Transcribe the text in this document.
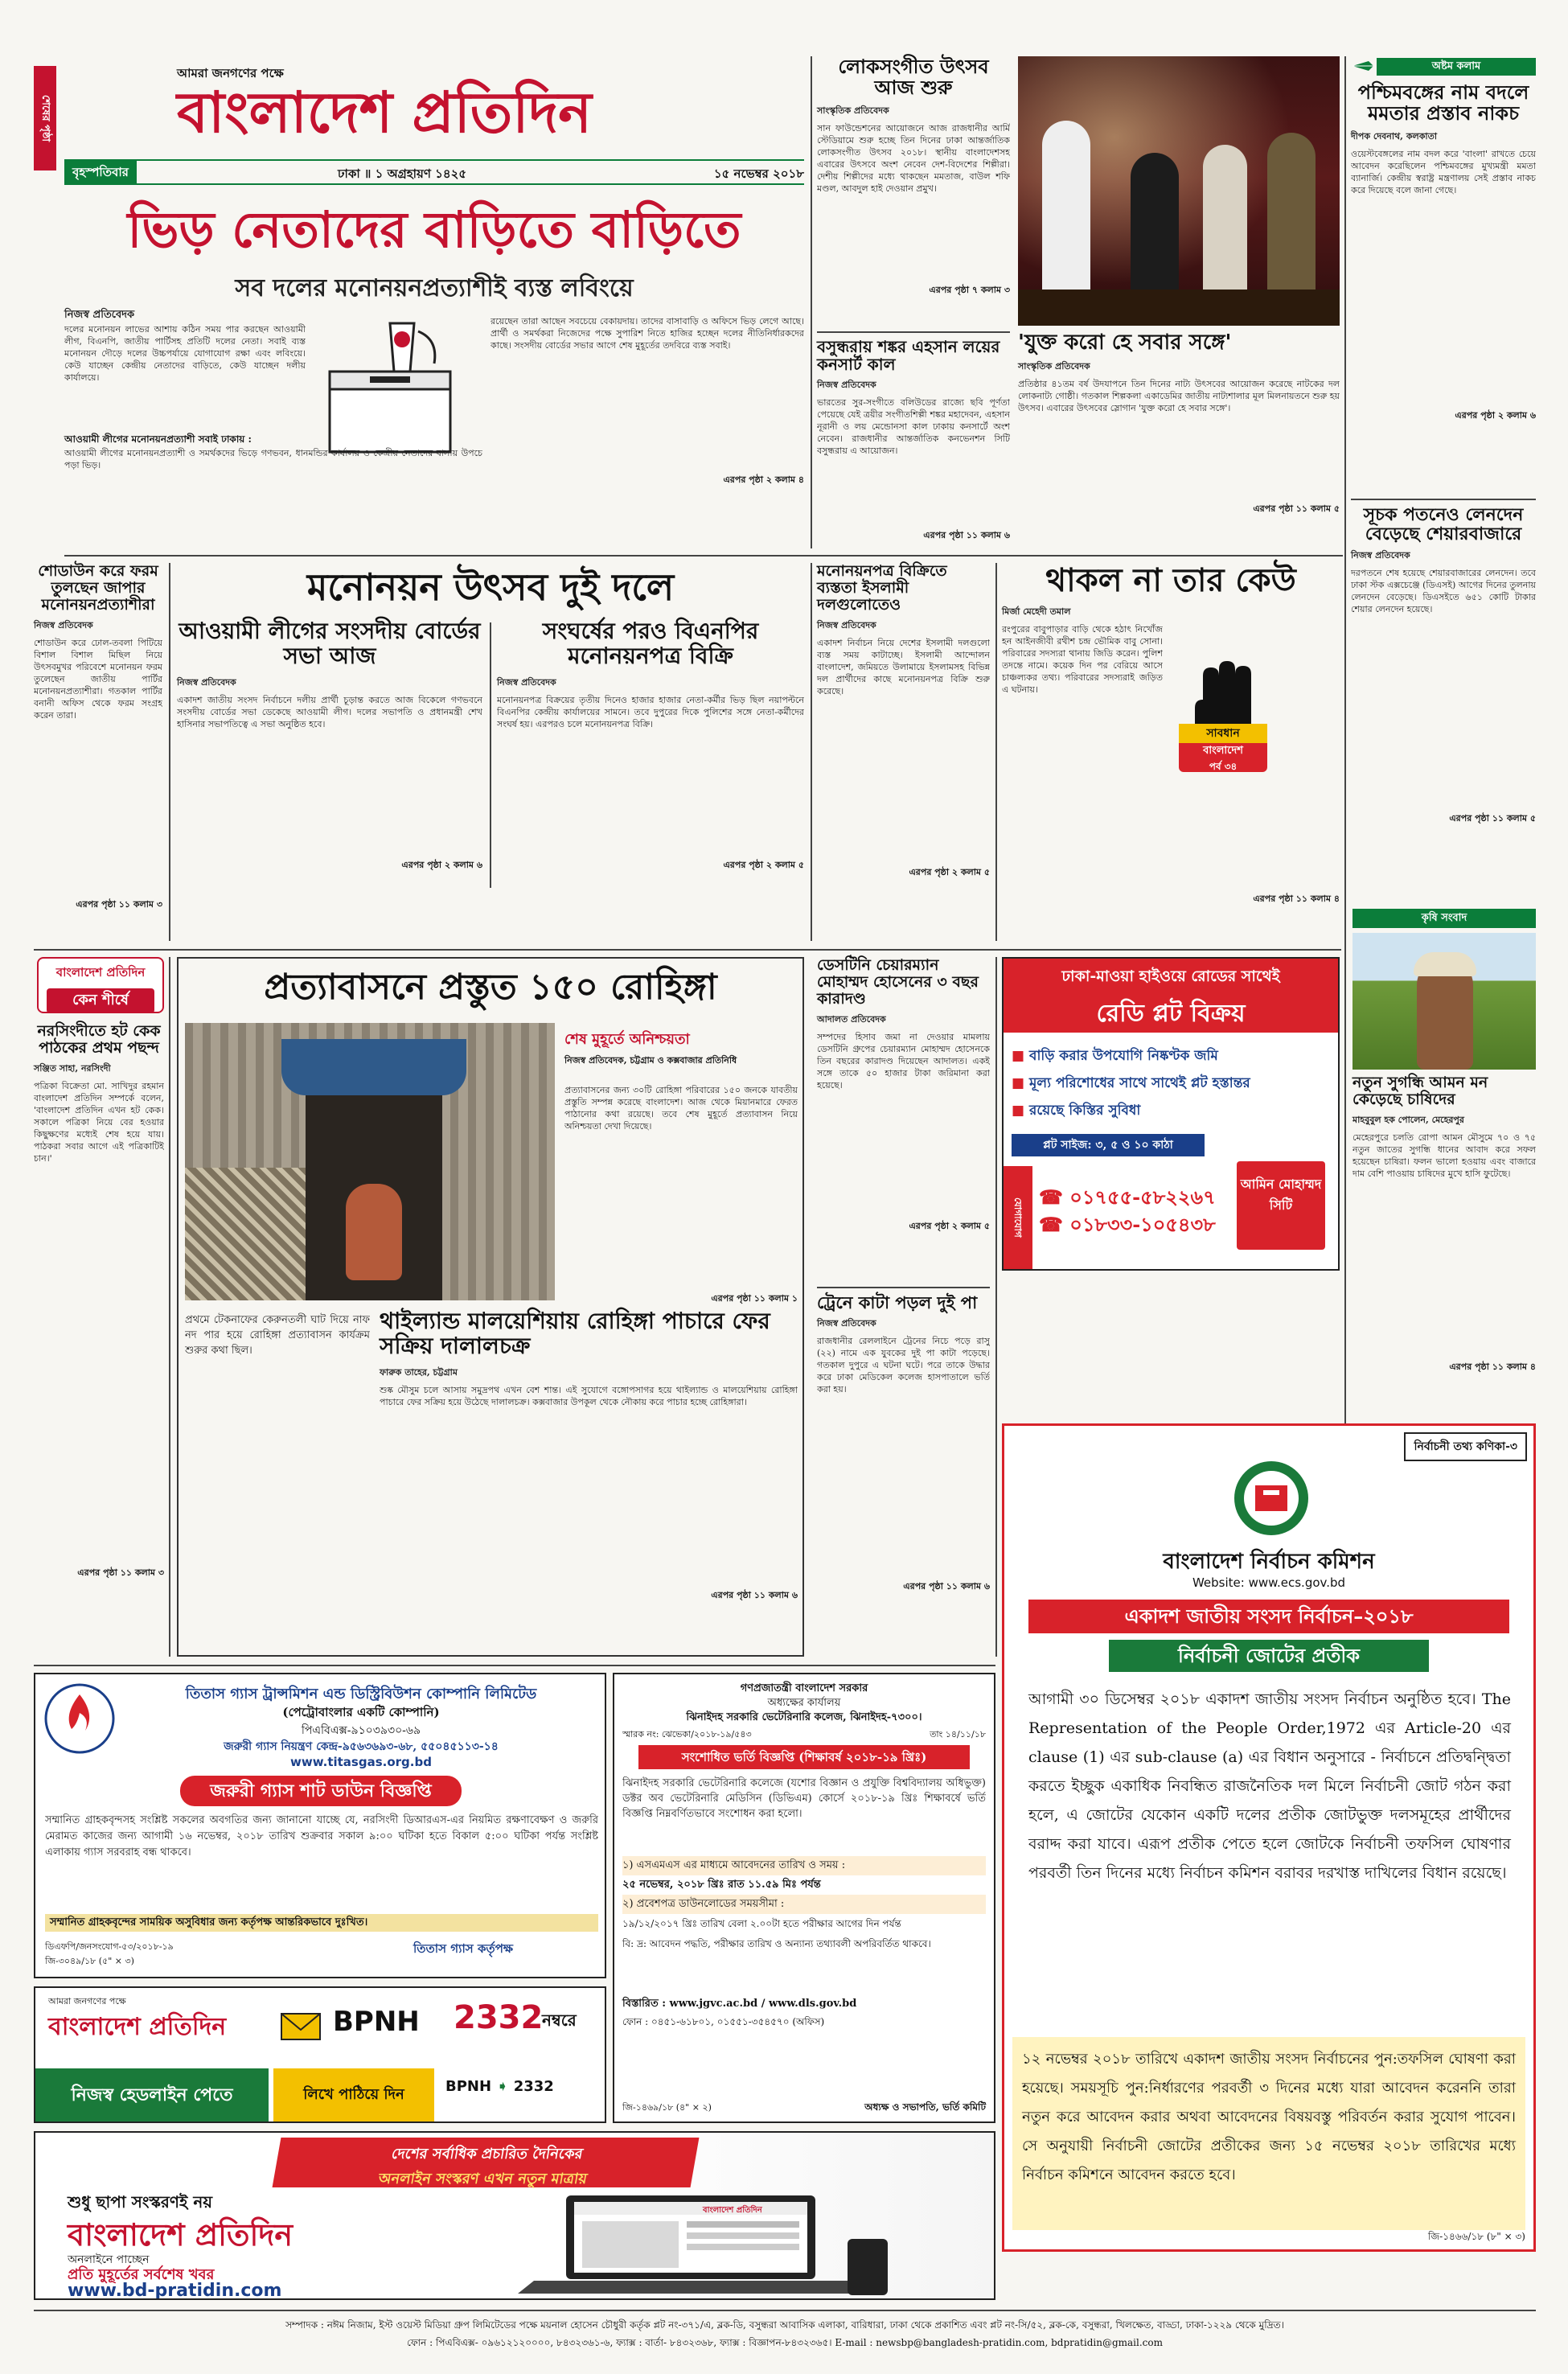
শেষের পৃষ্ঠা
আমরা জনগণের পক্ষে
বাংলাদেশ প্রতিদিন
বৃহস্পতিবার	ঢাকা ॥ ১ অগ্রহায়ণ ১৪২৫	১৫ নভেম্বর ২০১৮
ভিড় নেতাদের বাড়িতে বাড়িতে
সব দলের মনোনয়নপ্রত্যাশীই ব্যস্ত লবিংয়ে
নিজস্ব প্রতিবেদক
দলের মনোনয়ন লাভের আশায় কঠিন সময় পার করছেন আওয়ামী লীগ, বিএনপি, জাতীয় পার্টিসহ প্রতিটি দলের নেতা। সবাই ব্যস্ত মনোনয়ন দৌড়ে দলের উচ্চপর্যায়ে যোগাযোগ রক্ষা এবং লবিংয়ে। কেউ যাচ্ছেন কেন্দ্রীয় নেতাদের বাড়িতে, কেউ যাচ্ছেন দলীয় কার্যালয়ে।
রয়েছেন তারা আছেন সবচেয়ে বেকায়দায়। তাদের বাসাবাড়ি ও অফিসে ভিড় লেগে আছে। প্রার্থী ও সমর্থকরা নিজেদের পক্ষে সুপারিশ নিতে হাজির হচ্ছেন দলের নীতিনির্ধারকদের কাছে। সংসদীয় বোর্ডের সভার আগে শেষ মুহূর্তের তদবিরে ব্যস্ত সবাই।
আওয়ামী লীগের মনোনয়নপ্রত্যাশী সবাই ঢাকায় :
আওয়ামী লীগের মনোনয়নপ্রত্যাশী ও সমর্থকদের ভিড়ে গণভবন, ধানমন্ডির কার্যালয় ও কেন্দ্রীয় নেতাদের বাসায় উপচে পড়া ভিড়।
এরপর পৃষ্ঠা ২ কলাম ৪
লোকসংগীত উৎসব আজ শুরু
সাংস্কৃতিক প্রতিবেদক
সান ফাউন্ডেশনের আয়োজনে আজ রাজধানীর আর্মি স্টেডিয়ামে শুরু হচ্ছে তিন দিনের ঢাকা আন্তর্জাতিক লোকসংগীত উৎসব ২০১৮। স্থানীয় বাংলাদেশসহ এবারের উৎসবে অংশ নেবেন দেশ-বিদেশের শিল্পীরা। দেশীয় শিল্পীদের মধ্যে থাকছেন মমতাজ, বাউল শফি মণ্ডল, আবদুল হাই দেওয়ান প্রমুখ।
এরপর পৃষ্ঠা ৭ কলাম ৩
বসুন্ধরায় শঙ্কর এহসান লয়ের কনসার্ট কাল
নিজস্ব প্রতিবেদক
ভারতের সুর-সংগীতে বলিউডের রাজ্যে ছবি পূর্ণতা পেয়েছে যেই ত্রয়ীর সংগীতশিল্পী শঙ্কর মহাদেবন, এহসান নূরানী ও লয় মেন্ডোনসা কাল ঢাকায় কনসার্টে অংশ নেবেন। রাজধানীর আন্তর্জাতিক কনভেনশন সিটি বসুন্ধরায় এ আয়োজন।
এরপর পৃষ্ঠা ১১ কলাম ৬
'যুক্ত করো হে সবার সঙ্গে'
সাংস্কৃতিক প্রতিবেদক
প্রতিষ্ঠার ৪১তম বর্ষ উদযাপনে তিন দিনের নাট্য উৎসবের আয়োজন করেছে নাটকের দল লোকনাট্য গোষ্ঠী। গতকাল শিল্পকলা একাডেমির জাতীয় নাট্যশালার মূল মিলনায়তনে শুরু হয় উৎসব। এবারের উৎসবের স্লোগান 'যুক্ত করো হে সবার সঙ্গে'।
এরপর পৃষ্ঠা ১১ কলাম ৫
অষ্টম কলাম
পশ্চিমবঙ্গের নাম বদলে মমতার প্রস্তাব নাকচ
দীপক দেবনাথ, কলকাতা
ওয়েস্টবেঙ্গলের নাম বদল করে 'বাংলা' রাখতে চেয়ে আবেদন করেছিলেন পশ্চিমবঙ্গের মুখ্যমন্ত্রী মমতা ব্যানার্জি। কেন্দ্রীয় স্বরাষ্ট্র মন্ত্রণালয় সেই প্রস্তাব নাকচ করে দিয়েছে বলে জানা গেছে।
এরপর পৃষ্ঠা ২ কলাম ৬
সূচক পতনেও লেনদেন বেড়েছে শেয়ারবাজারে
নিজস্ব প্রতিবেদক
দরপতনে শেষ হয়েছে শেয়ারবাজারের লেনদেন। তবে ঢাকা স্টক এক্সচেঞ্জে (ডিএসই) আগের দিনের তুলনায় লেনদেন বেড়েছে। ডিএসইতে ৬৫১ কোটি টাকার শেয়ার লেনদেন হয়েছে।
এরপর পৃষ্ঠা ১১ কলাম ৫
শোডাউন করে ফরম তুলছেন জাপার মনোনয়নপ্রত্যাশীরা
নিজস্ব প্রতিবেদক
শোডাউন করে ঢোল-তবলা পিটিয়ে বিশাল বিশাল মিছিল নিয়ে উৎসবমুখর পরিবেশে মনোনয়ন ফরম তুলেছেন জাতীয় পার্টির মনোনয়নপ্রত্যাশীরা। গতকাল পার্টির বনানী অফিস থেকে ফরম সংগ্রহ করেন তারা।
এরপর পৃষ্ঠা ১১ কলাম ৩
মনোনয়ন উৎসব দুই দলে
আওয়ামী লীগের সংসদীয় বোর্ডের সভা আজ
নিজস্ব প্রতিবেদক
একাদশ জাতীয় সংসদ নির্বাচনে দলীয় প্রার্থী চূড়ান্ত করতে আজ বিকেলে গণভবনে সংসদীয় বোর্ডের সভা ডেকেছে আওয়ামী লীগ। দলের সভাপতি ও প্রধানমন্ত্রী শেখ হাসিনার সভাপতিত্বে এ সভা অনুষ্ঠিত হবে।
এরপর পৃষ্ঠা ২ কলাম ৬
সংঘর্ষের পরও বিএনপির মনোনয়নপত্র বিক্রি
নিজস্ব প্রতিবেদক
মনোনয়নপত্র বিক্রয়ের তৃতীয় দিনেও হাজার হাজার নেতা-কর্মীর ভিড় ছিল নয়াপল্টনে বিএনপির কেন্দ্রীয় কার্যালয়ের সামনে। তবে দুপুরের দিকে পুলিশের সঙ্গে নেতা-কর্মীদের সংঘর্ষ হয়। এরপরও চলে মনোনয়নপত্র বিক্রি।
এরপর পৃষ্ঠা ২ কলাম ৫
মনোনয়নপত্র বিক্রিতে ব্যস্ততা ইসলামী দলগুলোতেও
নিজস্ব প্রতিবেদক
একাদশ নির্বাচন নিয়ে দেশের ইসলামী দলগুলো ব্যস্ত সময় কাটাচ্ছে। ইসলামী আন্দোলন বাংলাদেশ, জমিয়তে উলামায়ে ইসলামসহ বিভিন্ন দল প্রার্থীদের কাছে মনোনয়নপত্র বিক্রি শুরু করেছে।
এরপর পৃষ্ঠা ২ কলাম ৫
থাকল না তার কেউ
মির্জা মেহেদী তমাল
রংপুরের বাবুপাড়ার বাড়ি থেকে হঠাৎ নিখোঁজ হন আইনজীবী রথীশ চন্দ্র ভৌমিক বাবু সোনা। পরিবারের সদস্যরা থানায় জিডি করেন। পুলিশ তদন্তে নামে। কয়েক দিন পর বেরিয়ে আসে চাঞ্চল্যকর তথ্য। পরিবারের সদস্যরাই জড়িত এ ঘটনায়।
এরপর পৃষ্ঠা ১১ কলাম ৪
সাবধান
বাংলাদেশ
পর্ব ৩৪
বাংলাদেশ প্রতিদিন
কেন শীর্ষে
নরসিংদীতে হট কেক পাঠকের প্রথম পছন্দ
সঞ্জিত সাহা, নরসিংদী
পত্রিকা বিক্রেতা মো. সাখিদুর রহমান বাংলাদেশ প্রতিদিন সম্পর্কে বলেন, 'বাংলাদেশ প্রতিদিন এখন হট কেক। সকালে পত্রিকা নিয়ে বের হওয়ার কিছুক্ষণের মধ্যেই শেষ হয়ে যায়। পাঠকরা সবার আগে এই পত্রিকাটিই চান।'
এরপর পৃষ্ঠা ১১ কলাম ৩
প্রত্যাবাসনে প্রস্তুত ১৫০ রোহিঙ্গা
শেষ মুহূর্তে অনিশ্চয়তা
নিজস্ব প্রতিবেদক, চট্টগ্রাম ও কক্সবাজার প্রতিনিধি
প্রত্যাবাসনের জন্য ৩০টি রোহিঙ্গা পরিবারের ১৫০ জনকে যাবতীয় প্রস্তুতি সম্পন্ন করেছে বাংলাদেশ। আজ থেকে মিয়ানমারে ফেরত পাঠানোর কথা রয়েছে। তবে শেষ মুহূর্তে প্রত্যাবাসন নিয়ে অনিশ্চয়তা দেখা দিয়েছে।
এরপর পৃষ্ঠা ১১ কলাম ১
প্রথমে টেকনাফের কেরুনতলী ঘাট দিয়ে নাফ নদ পার হয়ে রোহিঙ্গা প্রত্যাবাসন কার্যক্রম শুরুর কথা ছিল।
থাইল্যান্ড মালয়েশিয়ায় রোহিঙ্গা পাচারে ফের সক্রিয় দালালচক্র
ফারুক তাহের, চট্টগ্রাম
শুষ্ক মৌসুম চলে আসায় সমুদ্রপথ এখন বেশ শান্ত। এই সুযোগে বঙ্গোপসাগর হয়ে থাইল্যান্ড ও মালয়েশিয়ায় রোহিঙ্গা পাচারে ফের সক্রিয় হয়ে উঠেছে দালালচক্র। কক্সবাজার উপকূল থেকে নৌকায় করে পাচার হচ্ছে রোহিঙ্গারা।
এরপর পৃষ্ঠা ১১ কলাম ৬
ডেসটিনি চেয়ারম্যান মোহাম্মদ হোসেনের ৩ বছর কারাদণ্ড
আদালত প্রতিবেদক
সম্পদের হিসাব জমা না দেওয়ার মামলায় ডেসটিনি গ্রুপের চেয়ারম্যান মোহাম্মদ হোসেনকে তিন বছরের কারাদণ্ড দিয়েছেন আদালত। একই সঙ্গে তাকে ৫০ হাজার টাকা জরিমানা করা হয়েছে।
এরপর পৃষ্ঠা ২ কলাম ৫
ট্রেনে কাটা পড়ল দুই পা
নিজস্ব প্রতিবেদক
রাজধানীর রেললাইনে ট্রেনের নিচে পড়ে রাসু (২২) নামে এক যুবকের দুই পা কাটা পড়েছে। গতকাল দুপুরে এ ঘটনা ঘটে। পরে তাকে উদ্ধার করে ঢাকা মেডিকেল কলেজ হাসপাতালে ভর্তি করা হয়।
এরপর পৃষ্ঠা ১১ কলাম ৬
ঢাকা-মাওয়া হাইওয়ে রোডের সাথেই
রেডি প্লট বিক্রয়
■ বাড়ি করার উপযোগি নিষ্কণ্টক জমি
■ মূল্য পরিশোধের সাথে সাথেই প্লট হস্তান্তর
■ রয়েছে কিস্তির সুবিধা
প্লট সাইজ: ৩, ৫ ও ১০ কাঠা
যোগাযোগ
☎ ০১৭৫৫-৫৮২২৬৭
☎ ০১৮৩৩-১০৫৪৩৮
আমিন মোহাম্মদ সিটি
কৃষি সংবাদ
নতুন সুগন্ধি আমন মন কেড়েছে চাষিদের
মাহবুবুল হক পোলেন, মেহেরপুর
মেহেরপুরে চলতি রোপা আমন মৌসুমে ৭০ ও ৭৫ নতুন জাতের সুগন্ধি ধানের আবাদ করে সফল হয়েছেন চাষিরা। ফলন ভালো হওয়ায় এবং বাজারে দাম বেশি পাওয়ায় চাষিদের মুখে হাসি ফুটেছে।
এরপর পৃষ্ঠা ১১ কলাম ৪
নির্বাচনী তথ্য কণিকা-৩
বাংলাদেশ নির্বাচন কমিশন
Website: www.ecs.gov.bd
একাদশ জাতীয় সংসদ নির্বাচন–২০১৮
নির্বাচনী জোটের প্রতীক
আগামী ৩০ ডিসেম্বর ২০১৮ একাদশ জাতীয় সংসদ নির্বাচন অনুষ্ঠিত হবে। The Representation of the People Order,1972 এর Article-20 এর clause (1) এর sub-clause (a) এর বিধান অনুসারে - নির্বাচনে প্রতিদ্বন্দ্বিতা করতে ইচ্ছুক একাধিক নিবন্ধিত রাজনৈতিক দল মিলে নির্বাচনী জোট গঠন করা হলে, এ জোটের যেকোন একটি দলের প্রতীক জোটভুক্ত দলসমূহের প্রার্থীদের বরাদ্দ করা যাবে। এরূপ প্রতীক পেতে হলে জোটকে নির্বাচনী তফসিল ঘোষণার পরবর্তী তিন দিনের মধ্যে নির্বাচন কমিশন বরাবর দরখাস্ত দাখিলের বিধান রয়েছে।
১২ নভেম্বর ২০১৮ তারিখে একাদশ জাতীয় সংসদ নির্বাচনের পুন:তফসিল ঘোষণা করা হয়েছে। সময়সূচি পুন:নির্ধারণের পরবর্তী ৩ দিনের মধ্যে যারা আবেদন করেননি তারা নতুন করে আবেদন করার অথবা আবেদনের বিষয়বস্তু পরিবর্তন করার সুযোগ পাবেন। সে অনুযায়ী নির্বাচনী জোটের প্রতীকের জন্য ১৫ নভেম্বর ২০১৮ তারিখের মধ্যে নির্বাচন কমিশনে আবেদন করতে হবে।
জি-১৪৬৬/১৮ (৮" × ৩)
তিতাস গ্যাস ট্রান্সমিশন এন্ড ডিস্ট্রিবিউশন কোম্পানি লিমিটেড
(পেট্রোবাংলার একটি কোম্পানি)
পিএবিএক্স-৯১০৩৯৩০-৬৯
জরুরী গ্যাস নিয়ন্ত্রণ কেন্দ্র-৯৫৬৩৬৯৩-৬৮, ৫৫০৪৫১১৩-১৪
www.titasgas.org.bd
জরুরী গ্যাস শাট ডাউন বিজ্ঞপ্তি
সম্মানিত গ্রাহকবৃন্দসহ সংশ্লিষ্ট সকলের অবগতির জন্য জানানো যাচ্ছে যে, নরসিংদী ডিআরএস-এর নিয়মিত রক্ষণাবেক্ষণ ও জরুরি মেরামত কাজের জন্য আগামী ১৬ নভেম্বর, ২০১৮ তারিখ শুক্রবার সকাল ৯:০০ ঘটিকা হতে বিকাল ৫:০০ ঘটিকা পর্যন্ত সংশ্লিষ্ট এলাকায় গ্যাস সরবরাহ বন্ধ থাকবে।
সম্মানিত গ্রাহকবৃন্দের সাময়িক অসুবিধার জন্য কর্তৃপক্ষ আন্তরিকভাবে দুঃখিত।
ডিএফপি/জনসংযোগ-৫৩/২০১৮-১৯
জি-৩০৪৯/১৮ (৫" × ৩)
তিতাস গ্যাস কর্তৃপক্ষ
গণপ্রজাতন্ত্রী বাংলাদেশ সরকার
অধ্যক্ষের কার্যালয়
ঝিনাইদহ সরকারি ভেটেরিনারি কলেজ, ঝিনাইদহ-৭৩০০।
স্মারক নং: ঝেভেকা/২০১৮-১৯/৫৪৩	তাং ১৪/১১/১৮
সংশোধিত ভর্তি বিজ্ঞপ্তি (শিক্ষাবর্ষ ২০১৮-১৯ খ্রিঃ)
ঝিনাইদহ সরকারি ভেটেরিনারি কলেজে (যশোর বিজ্ঞান ও প্রযুক্তি বিশ্ববিদ্যালয় অধিভুক্ত) ডক্টর অব ভেটেরিনারি মেডিসিন (ডিভিএম) কোর্সে ২০১৮-১৯ খ্রিঃ শিক্ষাবর্ষে ভর্তি বিজ্ঞপ্তি নিম্নবর্ণিতভাবে সংশোধন করা হলো।
১) এসএমএস এর মাধ্যমে আবেদনের তারিখ ও সময় :
২৫ নভেম্বর, ২০১৮ খ্রিঃ রাত ১১.৫৯ মিঃ পর্যন্ত
২) প্রবেশপত্র ডাউনলোডের সময়সীমা :
১৯/১২/২০১৭ খ্রিঃ তারিখ বেলা ২.০০টা হতে পরীক্ষার আগের দিন পর্যন্ত
বি: দ্র: আবেদন পদ্ধতি, পরীক্ষার তারিখ ও অন্যান্য তথ্যাবলী অপরিবর্তিত থাকবে।
বিস্তারিত : www.jgvc.ac.bd / www.dls.gov.bd
ফোন : ০৪৫১-৬১৮০১, ০১৫৫১-৩৫৪৫৭০ (অফিস)
জি-১৪৬৯/১৮ (৪" × ২)	অধ্যক্ষ ও সভাপতি, ভর্তি কমিটি
আমরা জনগণের পক্ষে
বাংলাদেশ প্রতিদিন
নিজস্ব হেডলাইন পেতে
BPNH
লিখে পাঠিয়ে দিন
2332
নম্বরে
BPNH ➧ 2332
দেশের সর্বাধিক প্রচারিত দৈনিকের
অনলাইন সংস্করণ এখন নতুন মাত্রায়
শুধু ছাপা সংস্করণই নয়
বাংলাদেশ প্রতিদিন
অনলাইনে পাচ্ছেন
প্রতি মুহূর্তের সর্বশেষ খবর
www.bd-pratidin.com
বাংলাদেশ প্রতিদিন
সম্পাদক : নঈম নিজাম, ইস্ট ওয়েস্ট মিডিয়া গ্রুপ লিমিটেডের পক্ষে ময়নাল হোসেন চৌধুরী কর্তৃক প্লট নং-৩৭১/এ, ব্লক-ডি, বসুন্ধরা আবাসিক এলাকা, বারিধারা, ঢাকা থেকে প্রকাশিত এবং প্লট নং-সি/৫২, ব্লক-কে, বসুন্ধরা, খিলক্ষেত, বাড্ডা, ঢাকা-১২২৯ থেকে মুদ্রিত।
ফোন : পিএবিএক্স- ০৯৬১২১২০০০০, ৮৪৩২৩৬১-৬, ফ্যাক্স : বার্তা- ৮৪৩২৩৬৮, ফ্যাক্স : বিজ্ঞাপন-৮৪৩২৩৬৫। E-mail : newsbp@bangladesh-pratidin.com, bdpratidin@gmail.com
